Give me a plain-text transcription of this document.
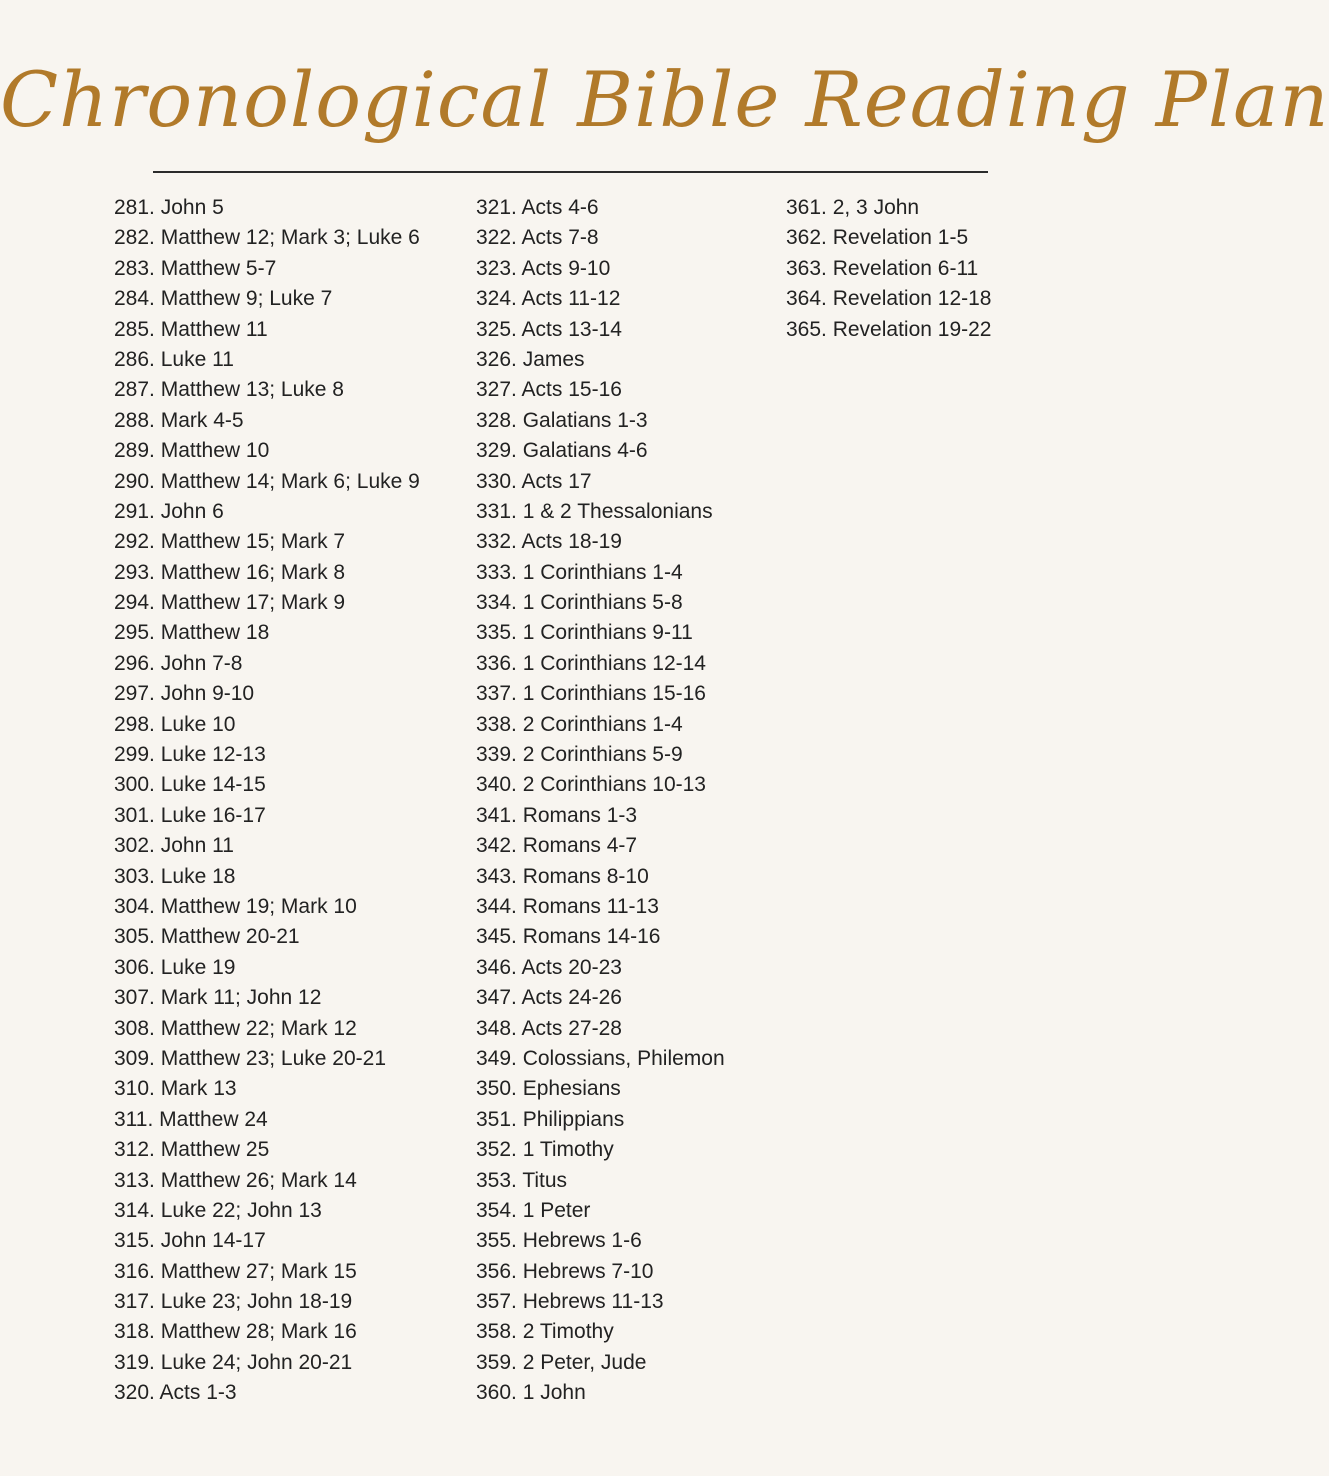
Chronological Bible Reading Plan
281. John 5
282. Matthew 12; Mark 3; Luke 6
283. Matthew 5-7
284. Matthew 9; Luke 7
285. Matthew 11
286. Luke 11
287. Matthew 13; Luke 8
288. Mark 4-5
289. Matthew 10
290. Matthew 14; Mark 6; Luke 9
291. John 6
292. Matthew 15; Mark 7
293. Matthew 16; Mark 8
294. Matthew 17; Mark 9
295. Matthew 18
296. John 7-8
297. John 9-10
298. Luke 10
299. Luke 12-13
300. Luke 14-15
301. Luke 16-17
302. John 11
303. Luke 18
304. Matthew 19; Mark 10
305. Matthew 20-21
306. Luke 19
307. Mark 11; John 12
308. Matthew 22; Mark 12
309. Matthew 23; Luke 20-21
310. Mark 13
311. Matthew 24
312. Matthew 25
313. Matthew 26; Mark 14
314. Luke 22; John 13
315. John 14-17
316. Matthew 27; Mark 15
317. Luke 23; John 18-19
318. Matthew 28; Mark 16
319. Luke 24; John 20-21
320. Acts 1-3
321. Acts 4-6
322. Acts 7-8
323. Acts 9-10
324. Acts 11-12
325. Acts 13-14
326. James
327. Acts 15-16
328. Galatians 1-3
329. Galatians 4-6
330. Acts 17
331. 1 & 2 Thessalonians
332. Acts 18-19
333. 1 Corinthians 1-4
334. 1 Corinthians 5-8
335. 1 Corinthians 9-11
336. 1 Corinthians 12-14
337. 1 Corinthians 15-16
338. 2 Corinthians 1-4
339. 2 Corinthians 5-9
340. 2 Corinthians 10-13
341. Romans 1-3
342. Romans 4-7
343. Romans 8-10
344. Romans 11-13
345. Romans 14-16
346. Acts 20-23
347. Acts 24-26
348. Acts 27-28
349. Colossians, Philemon
350. Ephesians
351. Philippians
352. 1 Timothy
353. Titus
354. 1 Peter
355. Hebrews 1-6
356. Hebrews 7-10
357. Hebrews 11-13
358. 2 Timothy
359. 2 Peter, Jude
360. 1 John
361. 2, 3 John
362. Revelation 1-5
363. Revelation 6-11
364. Revelation 12-18
365. Revelation 19-22
